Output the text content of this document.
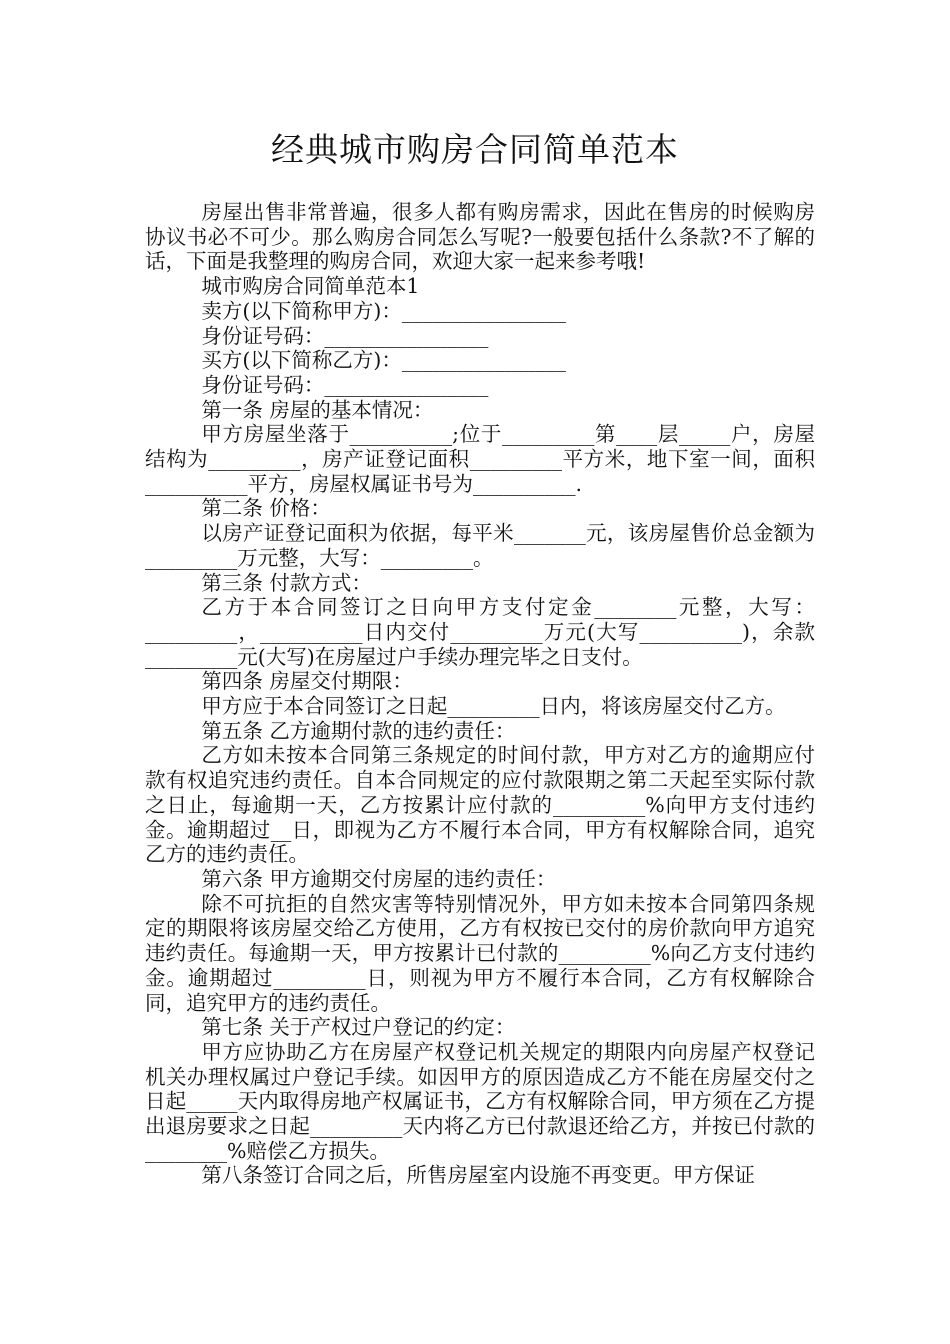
经典城市购房合同简单范本

房屋出售非常普遍，很多人都有购房需求，因此在售房的时候购房协议书必不可少。那么购房合同怎么写呢?一般要包括什么条款?不了解的话，下面是我整理的购房合同，欢迎大家一起来参考哦!

城市购房合同简单范本1

卖方(以下简称甲方)：________________

身份证号码：________________

买方(以下简称乙方)：________________

身份证号码：________________

第一条 房屋的基本情况：

甲方房屋坐落于__________;位于_________第____层_____户，房屋结构为_________，房产证登记面积_________平方米，地下室一间，面积__________平方，房屋权属证书号为__________.

第二条 价格：

以房产证登记面积为依据，每平米_______元，该房屋售价总金额为_________万元整，大写：_________。

第三条 付款方式：

乙方于本合同签订之日向甲方支付定金________元整，大写：_________，__________日内交付_________万元(大写__________)，余款_________元(大写)在房屋过户手续办理完毕之日支付。

第四条 房屋交付期限：

甲方应于本合同签订之日起_________日内，将该房屋交付乙方。

第五条 乙方逾期付款的违约责任：

乙方如未按本合同第三条规定的时间付款，甲方对乙方的逾期应付款有权追究违约责任。自本合同规定的应付款限期之第二天起至实际付款之日止，每逾期一天，乙方按累计应付款的_________%向甲方支付违约金。逾期超过__日，即视为乙方不履行本合同，甲方有权解除合同，追究乙方的违约责任。

第六条 甲方逾期交付房屋的违约责任：

除不可抗拒的自然灾害等特别情况外，甲方如未按本合同第四条规定的期限将该房屋交给乙方使用，乙方有权按已交付的房价款向甲方追究违约责任。每逾期一天，甲方按累计已付款的_________%向乙方支付违约金。逾期超过_________日，则视为甲方不履行本合同，乙方有权解除合同，追究甲方的违约责任。

第七条 关于产权过户登记的约定：

甲方应协助乙方在房屋产权登记机关规定的期限内向房屋产权登记机关办理权属过户登记手续。如因甲方的原因造成乙方不能在房屋交付之日起_____天内取得房地产权属证书，乙方有权解除合同，甲方须在乙方提出退房要求之日起_________天内将乙方已付款退还给乙方，并按已付款的________%赔偿乙方损失。

第八条签订合同之后，所售房屋室内设施不再变更。甲方保证
